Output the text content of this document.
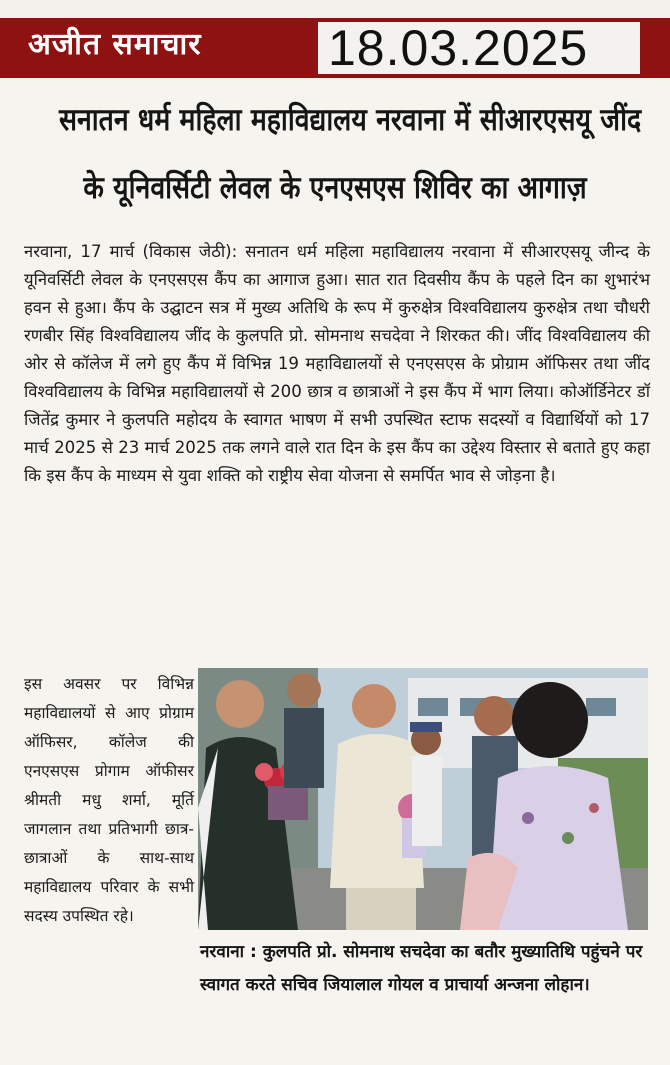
अजीत समाचार	18.03.2025
सनातन धर्म महिला महाविद्यालय नरवाना में सीआरएसयू जींद
के यूनिवर्सिटी लेवल के एनएसएस शिविर का आगाज़
नरवाना, 17 मार्च (विकास जेठी): सनातन धर्म महिला महाविद्यालय नरवाना में सीआरएसयू जीन्द के यूनिवर्सिटी लेवल के एनएसएस कैंप का आगाज हुआ। सात रात दिवसीय कैंप के पहले दिन का शुभारंभ हवन से हुआ। कैंप के उद्घाटन सत्र में मुख्य अतिथि के रूप में कुरुक्षेत्र विश्वविद्यालय कुरुक्षेत्र तथा चौधरी रणबीर सिंह विश्वविद्यालय जींद के कुलपति प्रो. सोमनाथ सचदेवा ने शिरकत की। जींद विश्वविद्यालय की ओर से कॉलेज में लगे हुए कैंप में विभिन्न 19 महाविद्यालयों से एनएसएस के प्रोग्राम ऑफिसर तथा जींद विश्वविद्यालय के विभिन्न महाविद्यालयों से 200 छात्र व छात्राओं ने इस कैंप में भाग लिया। कोऑर्डिनेटर डॉ जितेंद्र कुमार ने कुलपति महोदय के स्वागत भाषण में सभी उपस्थित स्टाफ सदस्यों व विद्यार्थियों को 17 मार्च 2025 से 23 मार्च 2025 तक लगने वाले रात दिन के इस कैंप का उद्देश्य विस्तार से बताते हुए कहा कि इस कैंप के माध्यम से युवा शक्ति को राष्ट्रीय सेवा योजना से समर्पित भाव से जोड़ना है।
इस अवसर पर विभिन्न महाविद्यालयों से आए प्रोग्राम ऑफिसर, कॉलेज की एनएसएस प्रोगाम ऑफीसर श्रीमती मधु शर्मा, मूर्ति जागलान तथा प्रतिभागी छात्र-छात्राओं के साथ-साथ महाविद्यालय परिवार के सभी सदस्य उपस्थित रहे।
नरवाना : कुलपति प्रो. सोमनाथ सचदेवा का बतौर मुख्यातिथि पहुंचने पर स्वागत करते सचिव जियालाल गोयल व प्राचार्या अन्जना लोहान।
